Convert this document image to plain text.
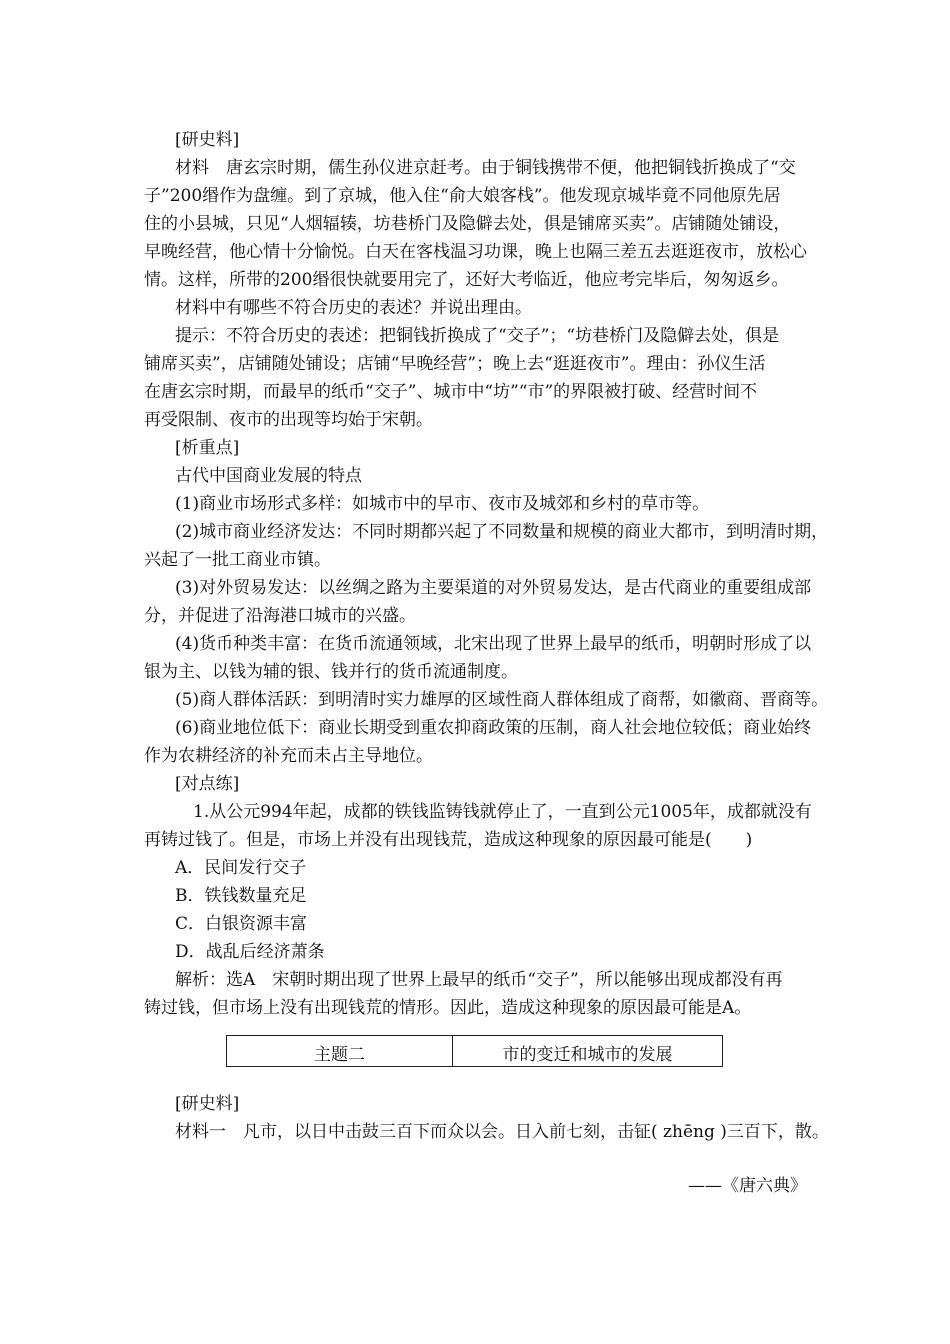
[研史料]
材料　唐玄宗时期，儒生孙仪进京赶考。由于铜钱携带不便，他把铜钱折换成了“交
子”200缗作为盘缠。到了京城，他入住“俞大娘客栈”。他发现京城毕竟不同他原先居
住的小县城，只见“人烟辐辏，坊巷桥门及隐僻去处，俱是铺席买卖”。店铺随处铺设，
早晚经营，他心情十分愉悦。白天在客栈温习功课，晚上也隔三差五去逛逛夜市，放松心
情。这样，所带的200缗很快就要用完了，还好大考临近，他应考完毕后，匆匆返乡。
材料中有哪些不符合历史的表述？并说出理由。
提示：不符合历史的表述：把铜钱折换成了“交子”；“坊巷桥门及隐僻去处，俱是
铺席买卖”，店铺随处铺设；店铺“早晚经营”；晚上去“逛逛夜市”。理由：孙仪生活
在唐玄宗时期，而最早的纸币“交子”、城市中“坊”“市”的界限被打破、经营时间不
再受限制、夜市的出现等均始于宋朝。
[析重点]
古代中国商业发展的特点
(1)商业市场形式多样：如城市中的早市、夜市及城郊和乡村的草市等。
(2)城市商业经济发达：不同时期都兴起了不同数量和规模的商业大都市，到明清时期，
兴起了一批工商业市镇。
(3)对外贸易发达：以丝绸之路为主要渠道的对外贸易发达，是古代商业的重要组成部
分，并促进了沿海港口城市的兴盛。
(4)货币种类丰富：在货币流通领域，北宋出现了世界上最早的纸币，明朝时形成了以
银为主、以钱为辅的银、钱并行的货币流通制度。
(5)商人群体活跃：到明清时实力雄厚的区域性商人群体组成了商帮，如徽商、晋商等。
(6)商业地位低下：商业长期受到重农抑商政策的压制，商人社会地位较低；商业始终
作为农耕经济的补充而未占主导地位。
[对点练]
1.从公元994年起，成都的铁钱监铸钱就停止了，一直到公元1005年，成都就没有
再铸过钱了。但是，市场上并没有出现钱荒，造成这种现象的原因最可能是(　　)
A．民间发行交子
B．铁钱数量充足
C．白银资源丰富
D．战乱后经济萧条
解析：选A　宋朝时期出现了世界上最早的纸币“交子”，所以能够出现成都没有再
铸过钱，但市场上没有出现钱荒的情形。因此，造成这种现象的原因最可能是A。
主题二	市的变迁和城市的发展
[研史料]
材料一　凡市，以日中击鼓三百下而众以会。日入前七刻，击钲( zhēng )三百下，散。
——《唐六典》
